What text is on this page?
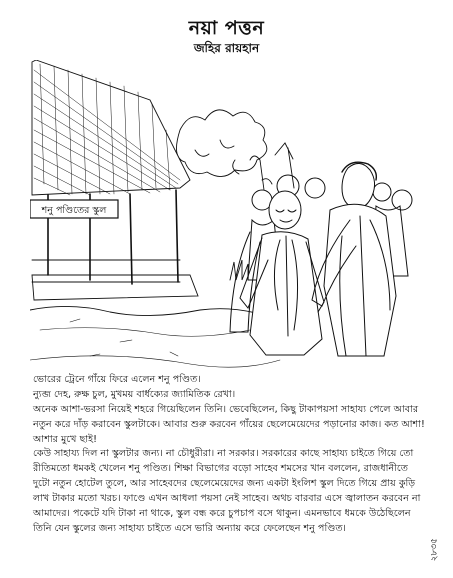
নয়া পত্তন
জহির রায়হান
শনু পণ্ডিতের স্কুল

ভোরের ট্রেনে গাঁয়ে ফিরে এলেন শনু পণ্ডিত।

ন্যুব্জ দেহ, রুক্ষ চুল, মুখময় বার্ধক্যের জ্যামিতিক রেখা।

অনেক আশা-ভরসা নিয়েই শহরে গিয়েছিলেন তিনি। ভেবেছিলেন, কিছু টাকাপয়সা সাহায্য পেলে আবার নতুন করে দাঁড় করাবেন স্কুলটাকে। আবার শুরু করবেন গাঁয়ের ছেলেমেয়েদের পড়ানোর কাজ। কত আশা! আশার মুখে ছাই!

কেউ সাহায্য দিল না স্কুলটার জন্য। না চৌধুরীরা। না সরকার। সরকারের কাছে সাহায্য চাইতে গিয়ে তো রীতিমতো ধমকই খেলেন শনু পণ্ডিত। শিক্ষা বিভাগের বড়ো সাহেব শমসের খান বললেন, রাজধানীতে দুটো নতুন হোটেল তুলে, আর সাহেবদের ছেলেমেয়েদের জন্য একটা ইংলিশ স্কুল দিতে গিয়ে প্রায় কুড়ি লাখ টাকার মতো খরচ। ফাণ্ডে এখন আধলা পয়সা নেই সাহেব। অথচ বারবার এসে জ্বালাতন করবেন না আমাদের। পকেটে যদি টাকা না থাকে, স্কুল বন্ধ করে চুপচাপ বসে থাকুন। এমনভাবে ধমকে উঠেছিলেন তিনি যেন স্কুলের জন্য সাহায্য চাইতে এসে ভারি অন্যায় করে ফেলেছেন শনু পণ্ডিত।

২৮৩৫
